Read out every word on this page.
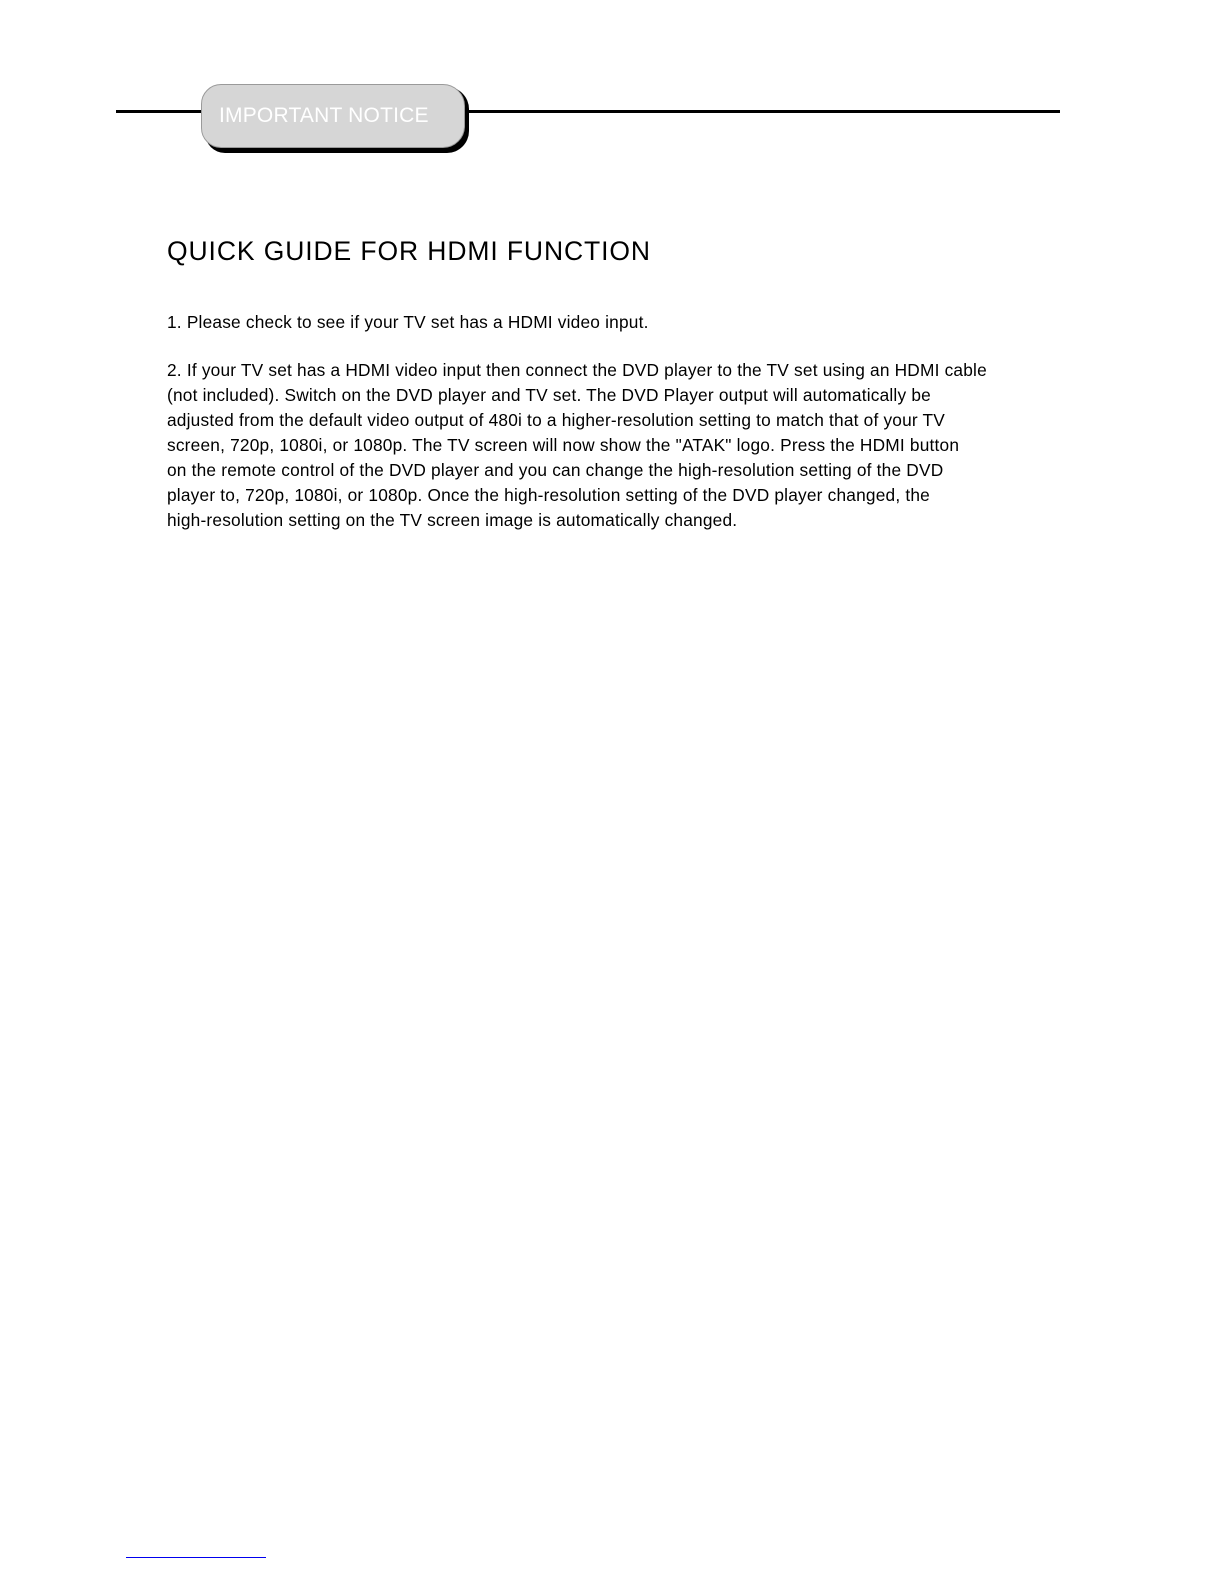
IMPORTANT NOTICE
QUICK GUIDE FOR HDMI FUNCTION

1. Please check to see if your TV set has a HDMI video input.

2. If your TV set has a HDMI video input then connect the DVD player to the TV set using an HDMI cable
(not included). Switch on the DVD player and TV set. The DVD Player output will automatically be
adjusted from the default video output of 480i to a higher-resolution setting to match that of your TV
screen, 720p, 1080i, or 1080p. The TV screen will now show the "ATAK" logo. Press the HDMI button
on the remote control of the DVD player and you can change the high-resolution setting of the DVD
player to, 720p, 1080i, or 1080p. Once the high-resolution setting of the DVD player changed, the
high-resolution setting on the TV screen image is automatically changed.
